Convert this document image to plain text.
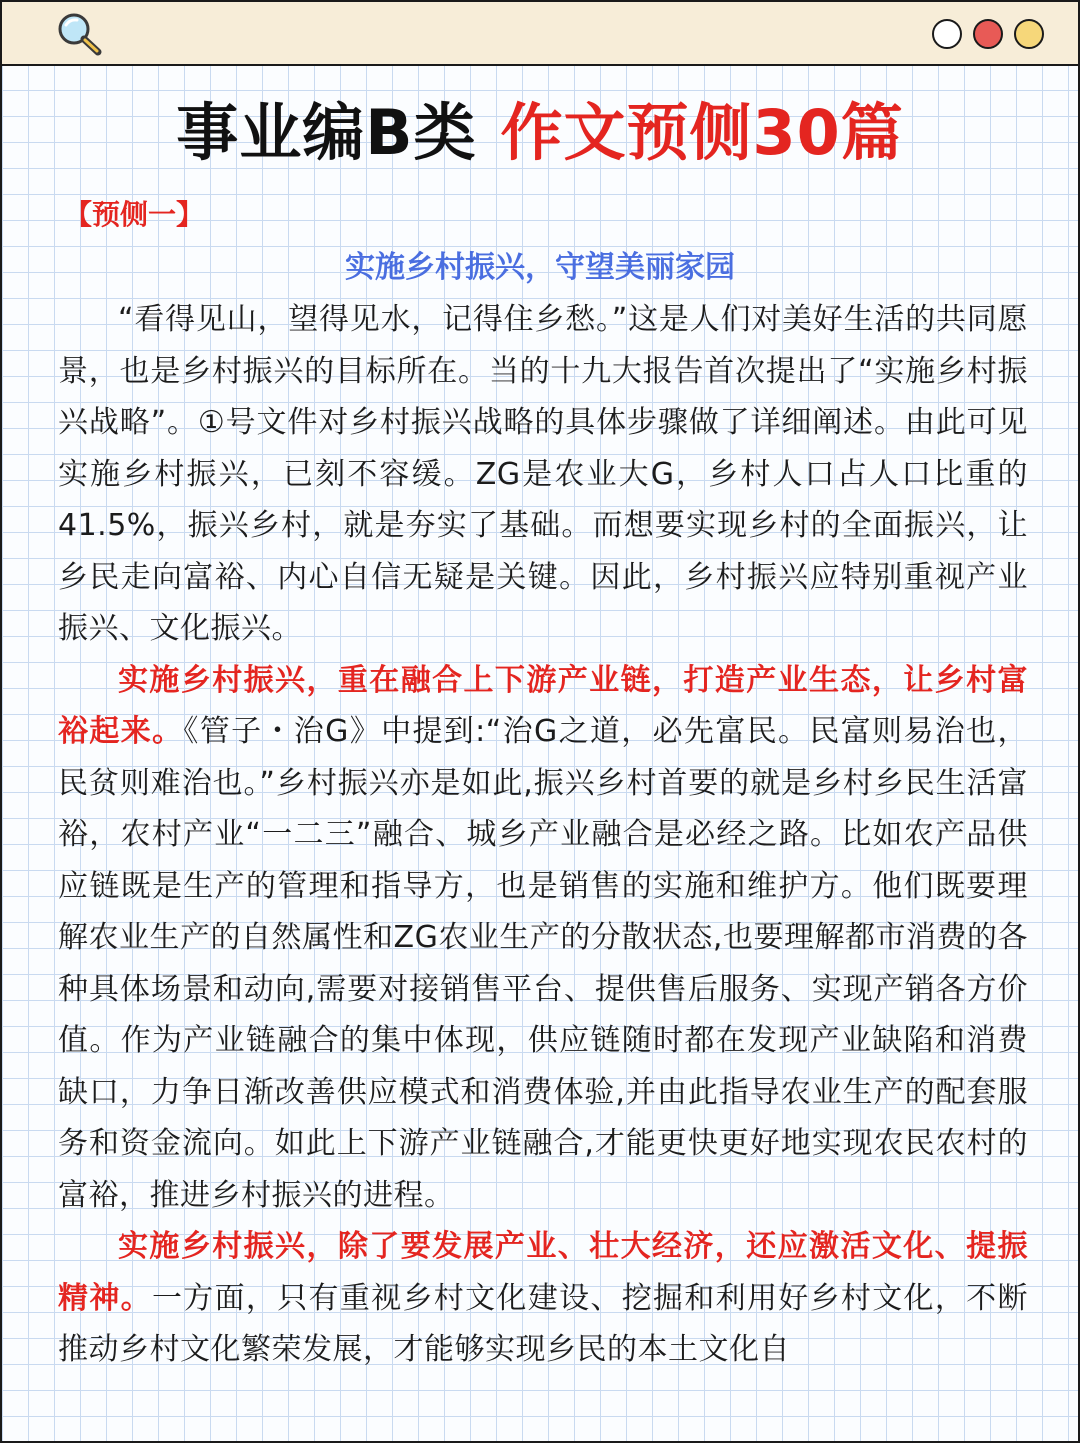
事业编B类 作文预侧30篇
【预侧一】
实施乡村振兴，守望美丽家园

“看得见山，望得见水，记得住乡愁。”这是人们对美好生活的共同愿景，也是乡村振兴的目标所在。当的十九大报告首次提出了“实施乡村振兴战略”。①号文件对乡村振兴战略的具体步骤做了详细阐述。由此可见实施乡村振兴，已刻不容缓。ZG是农业大G，乡村人口占人口比重的41.5%，振兴乡村，就是夯实了基础。而想要实现乡村的全面振兴，让乡民走向富裕、内心自信无疑是关键。因此，乡村振兴应特别重视产业振兴、文化振兴。

实施乡村振兴，重在融合上下游产业链，打造产业生态，让乡村富裕起来。《管子・治G》中提到:“治G之道，必先富民。民富则易治也，民贫则难治也。”乡村振兴亦是如此,振兴乡村首要的就是乡村乡民生活富裕，农村产业“一二三”融合、城乡产业融合是必经之路。比如农产品供应链既是生产的管理和指导方，也是销售的实施和维护方。他们既要理解农业生产的自然属性和ZG农业生产的分散状态,也要理解都市消费的各种具体场景和动向,需要对接销售平台、提供售后服务、实现产销各方价值。作为产业链融合的集中体现，供应链随时都在发现产业缺陷和消费缺口，力争日渐改善供应模式和消费体验,并由此指导农业生产的配套服务和资金流向。如此上下游产业链融合,才能更快更好地实现农民农村的富裕，推进乡村振兴的进程。

实施乡村振兴，除了要发展产业、壮大经济，还应激活文化、提振精神。一方面，只有重视乡村文化建设、挖掘和利用好乡村文化，不断推动乡村文化繁荣发展，才能够实现乡民的本土文化自
